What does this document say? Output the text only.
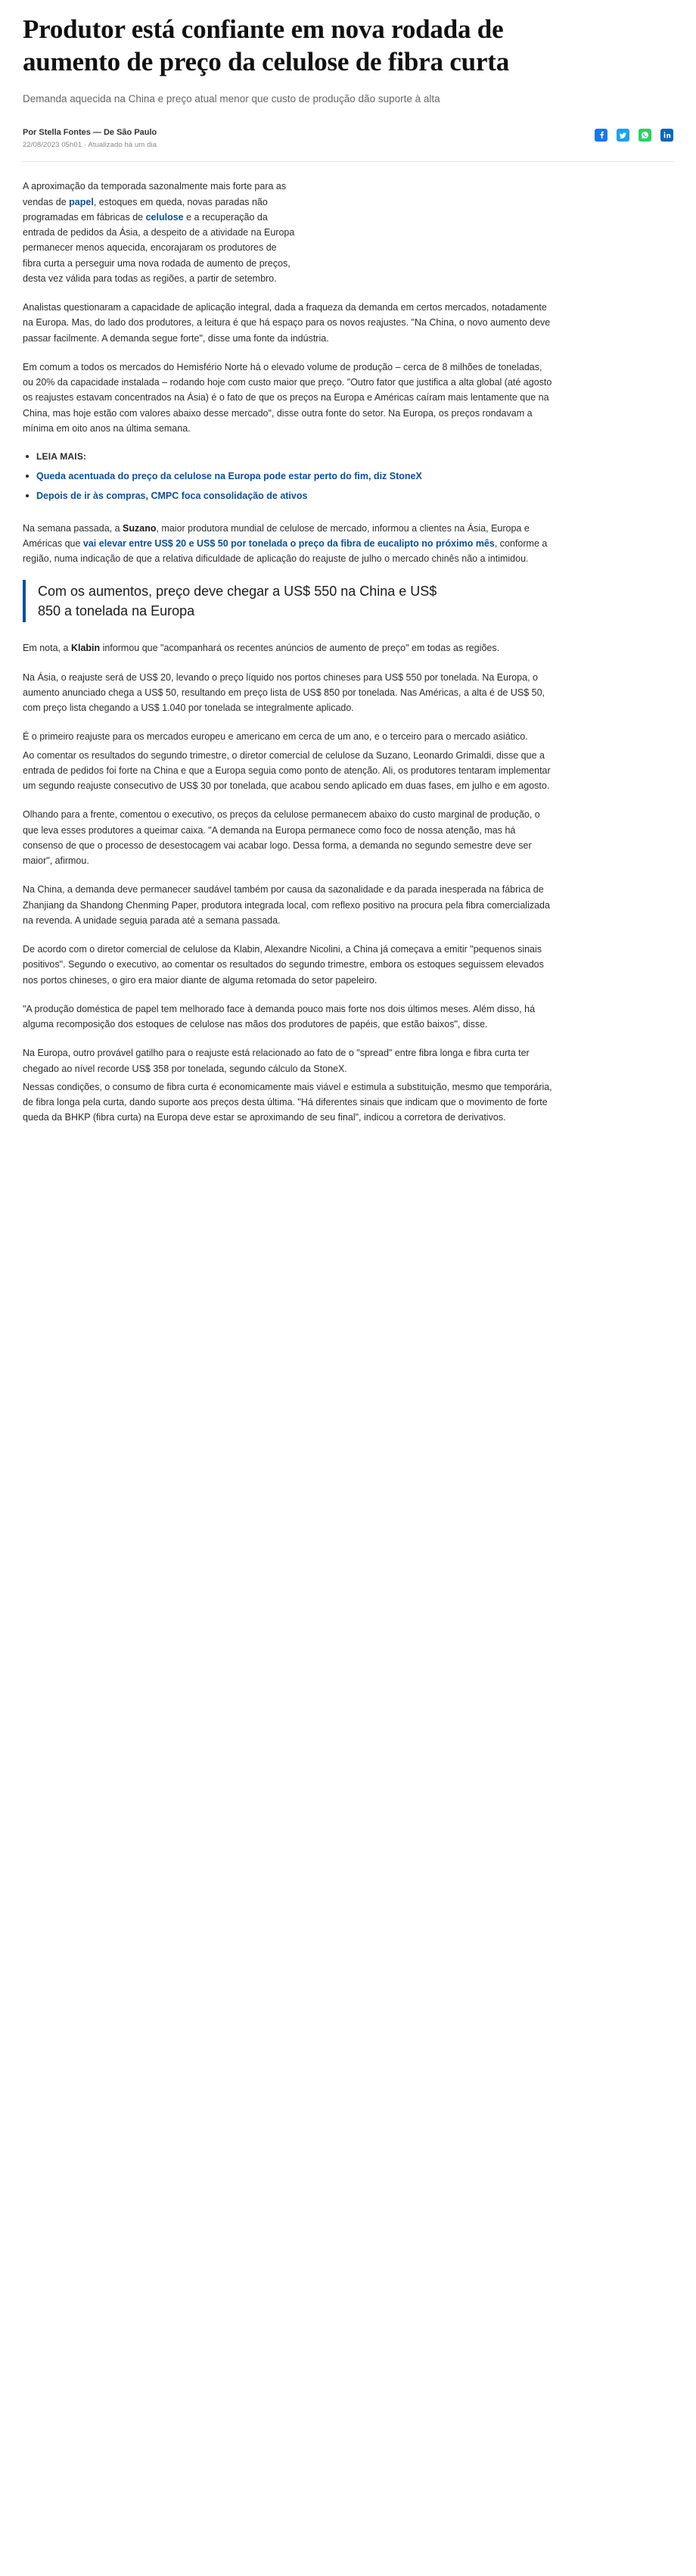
Produtor está confiante em nova rodada de aumento de preço da celulose de fibra curta

Demanda aquecida na China e preço atual menor que custo de produção dão suporte à alta

Por Stella Fontes — De São Paulo
22/08/2023 05h01 · Atualizado há um dia

A aproximação da temporada sazonalmente mais forte para as vendas de papel, estoques em queda, novas paradas não programadas em fábricas de celulose e a recuperação da entrada de pedidos da Ásia, a despeito de a atividade na Europa permanecer menos aquecida, encorajaram os produtores de fibra curta a perseguir uma nova rodada de aumento de preços, desta vez válida para todas as regiões, a partir de setembro.

Analistas questionaram a capacidade de aplicação integral, dada a fraqueza da demanda em certos mercados, notadamente na Europa. Mas, do lado dos produtores, a leitura é que há espaço para os novos reajustes. "Na China, o novo aumento deve passar facilmente. A demanda segue forte", disse uma fonte da indústria.

Em comum a todos os mercados do Hemisfério Norte há o elevado volume de produção – cerca de 8 milhões de toneladas, ou 20% da capacidade instalada – rodando hoje com custo maior que preço. "Outro fator que justifica a alta global (até agosto os reajustes estavam concentrados na Ásia) é o fato de que os preços na Europa e Américas caíram mais lentamente que na China, mas hoje estão com valores abaixo desse mercado", disse outra fonte do setor. Na Europa, os preços rondavam a mínima em oito anos na última semana.

LEIA MAIS:
Queda acentuada do preço da celulose na Europa pode estar perto do fim, diz StoneX
Depois de ir às compras, CMPC foca consolidação de ativos

Na semana passada, a Suzano, maior produtora mundial de celulose de mercado, informou a clientes na Ásia, Europa e Américas que vai elevar entre US$ 20 e US$ 50 por tonelada o preço da fibra de eucalipto no próximo mês, conforme a região, numa indicação de que a relativa dificuldade de aplicação do reajuste de julho o mercado chinês não a intimidou.

Com os aumentos, preço deve chegar a US$ 550 na China e US$ 850 a tonelada na Europa

Em nota, a Klabin informou que "acompanhará os recentes anúncios de aumento de preço" em todas as regiões.

Na Ásia, o reajuste será de US$ 20, levando o preço líquido nos portos chineses para US$ 550 por tonelada. Na Europa, o aumento anunciado chega a US$ 50, resultando em preço lista de US$ 850 por tonelada. Nas Américas, a alta é de US$ 50, com preço lista chegando a US$ 1.040 por tonelada se integralmente aplicado.

É o primeiro reajuste para os mercados europeu e americano em cerca de um ano, e o terceiro para o mercado asiático.

Ao comentar os resultados do segundo trimestre, o diretor comercial de celulose da Suzano, Leonardo Grimaldi, disse que a entrada de pedidos foi forte na China e que a Europa seguia como ponto de atenção. Ali, os produtores tentaram implementar um segundo reajuste consecutivo de US$ 30 por tonelada, que acabou sendo aplicado em duas fases, em julho e em agosto.

Olhando para a frente, comentou o executivo, os preços da celulose permanecem abaixo do custo marginal de produção, o que leva esses produtores a queimar caixa. "A demanda na Europa permanece como foco de nossa atenção, mas há consenso de que o processo de desestocagem vai acabar logo. Dessa forma, a demanda no segundo semestre deve ser maior", afirmou.

Na China, a demanda deve permanecer saudável também por causa da sazonalidade e da parada inesperada na fábrica de Zhanjiang da Shandong Chenming Paper, produtora integrada local, com reflexo positivo na procura pela fibra comercializada na revenda. A unidade seguia parada até a semana passada.

De acordo com o diretor comercial de celulose da Klabin, Alexandre Nicolini, a China já começava a emitir "pequenos sinais positivos". Segundo o executivo, ao comentar os resultados do segundo trimestre, embora os estoques seguissem elevados nos portos chineses, o giro era maior diante de alguma retomada do setor papeleiro.

"A produção doméstica de papel tem melhorado face à demanda pouco mais forte nos dois últimos meses. Além disso, há alguma recomposição dos estoques de celulose nas mãos dos produtores de papéis, que estão baixos", disse.

Na Europa, outro provável gatilho para o reajuste está relacionado ao fato de o "spread" entre fibra longa e fibra curta ter chegado ao nível recorde US$ 358 por tonelada, segundo cálculo da StoneX.

Nessas condições, o consumo de fibra curta é economicamente mais viável e estimula a substituição, mesmo que temporária, de fibra longa pela curta, dando suporte aos preços desta última. "Há diferentes sinais que indicam que o movimento de forte queda da BHKP (fibra curta) na Europa deve estar se aproximando de seu final", indicou a corretora de derivativos.
